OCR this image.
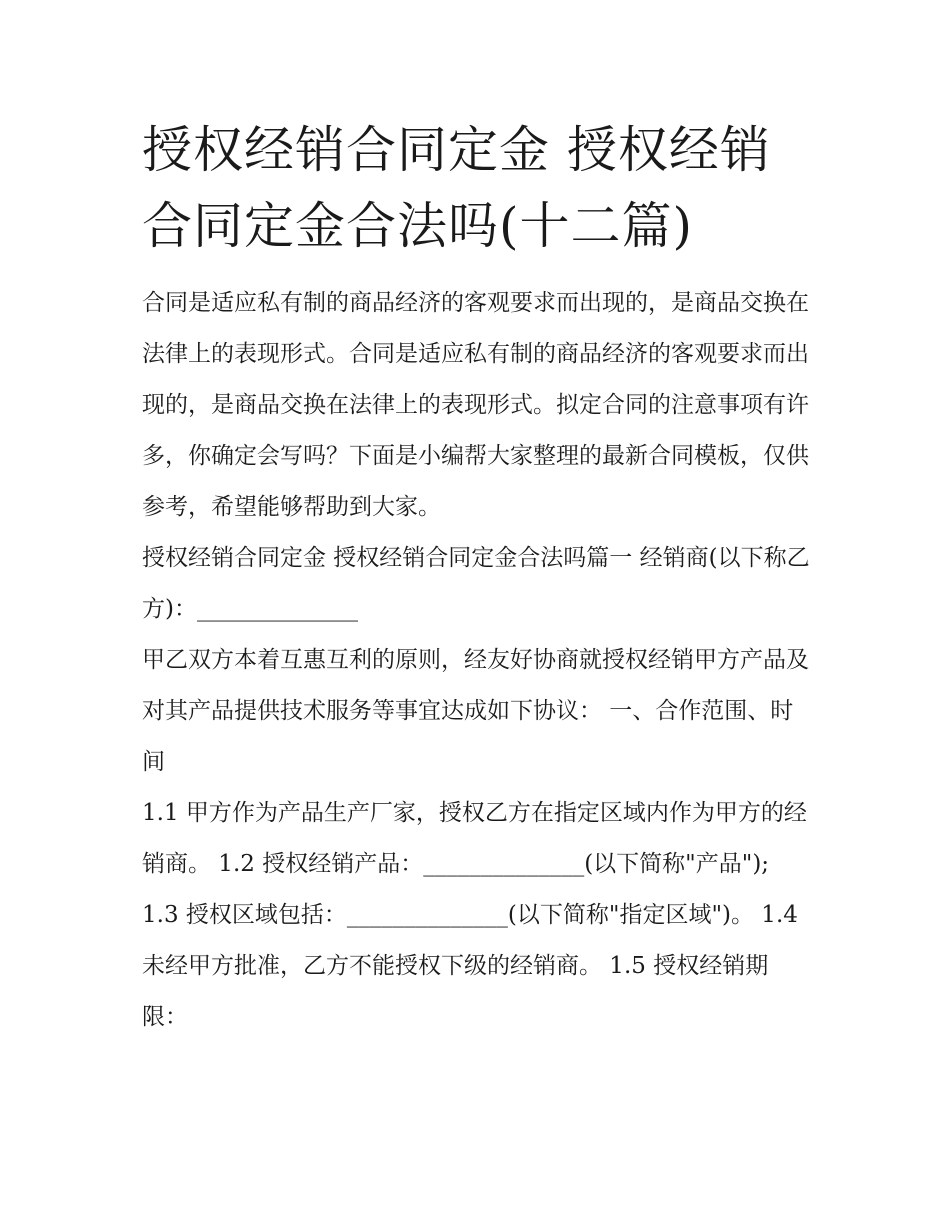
授权经销合同定金 授权经销合同定金合法吗(十二篇)

合同是适应私有制的商品经济的客观要求而出现的，是商品交换在法律上的表现形式。合同是适应私有制的商品经济的客观要求而出现的，是商品交换在法律上的表现形式。拟定合同的注意事项有许多，你确定会写吗？下面是小编帮大家整理的最新合同模板，仅供参考，希望能够帮助到大家。

授权经销合同定金 授权经销合同定金合法吗篇一 经销商(以下称乙方)：______________

甲乙双方本着互惠互利的原则，经友好协商就授权经销甲方产品及对其产品提供技术服务等事宜达成如下协议： 一、合作范围、时间

1.1 甲方作为产品生产厂家，授权乙方在指定区域内作为甲方的经销商。 1.2 授权经销产品：______________(以下简称"产品");

1.3 授权区域包括：______________(以下简称"指定区域")。 1.4 未经甲方批准，乙方不能授权下级的经销商。 1.5 授权经销期限：
